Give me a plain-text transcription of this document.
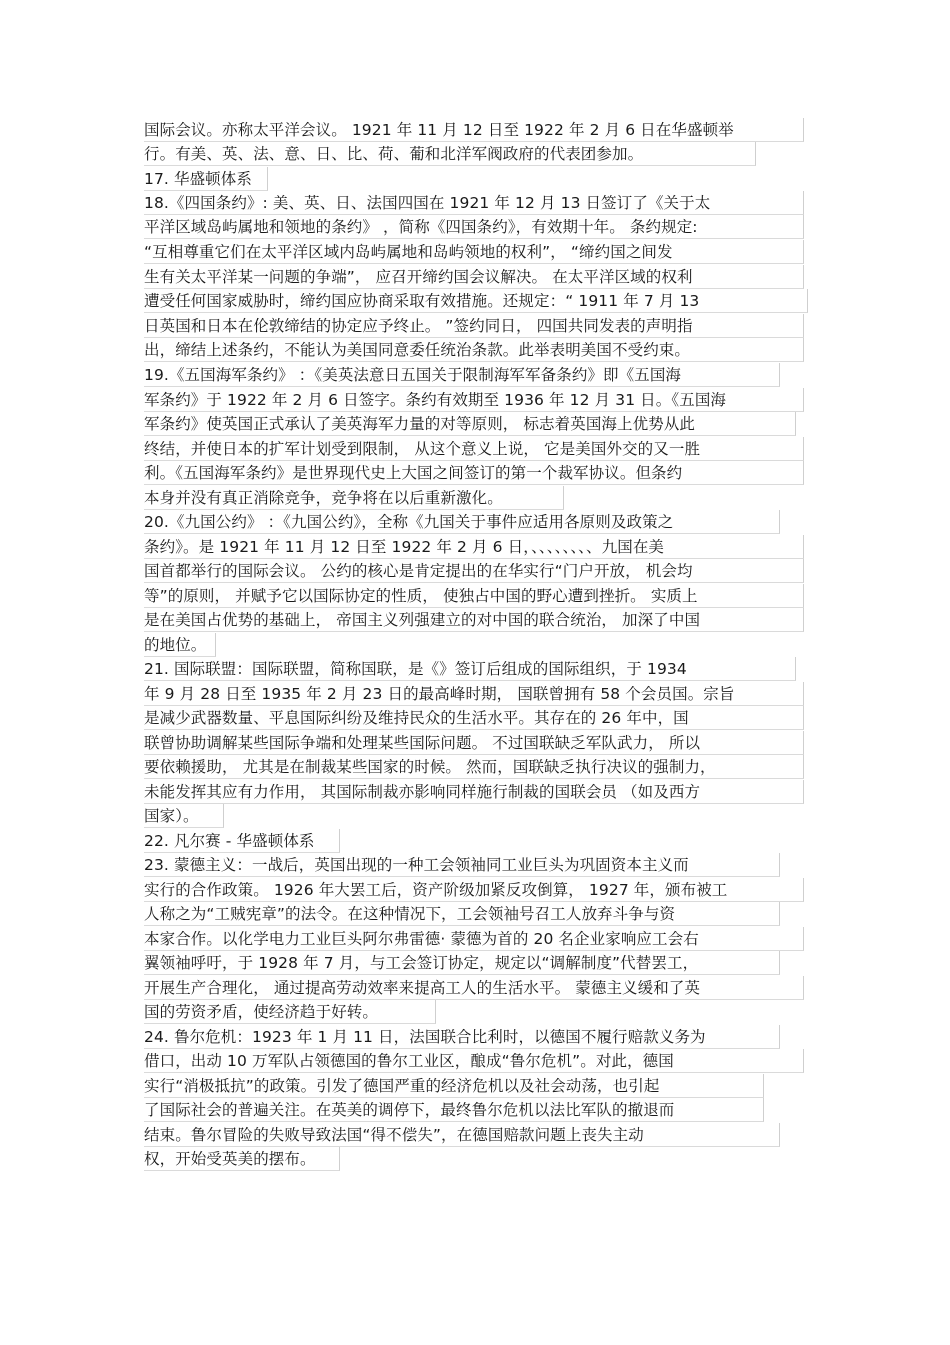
国际会议。亦称太平洋会议。 1921 年 11 月 12 日至 1922 年 2 月 6 日在华盛顿举
行。有美、英、法、意、日、比、荷、葡和北洋军阀政府的代表团参加。
17. 华盛顿体系
18.《四国条约》: 美、英、日、法国四国在 1921 年 12 月 13 日签订了《关于太
平洋区域岛屿属地和领地的条约》 ，简称《四国条约》，有效期十年。 条约规定:
“互相尊重它们在太平洋区域内岛屿属地和岛屿领地的权利”， “缔约国之间发
生有关太平洋某一问题的争端”， 应召开缔约国会议解决。 在太平洋区域的权利
遭受任何国家威胁时，缔约国应协商采取有效措施。还规定：“ 1911 年 7 月 13
日英国和日本在伦敦缔结的协定应予终止。 ”签约同日， 四国共同发表的声明指
出，缔结上述条约，不能认为美国同意委任统治条款。此举表明美国不受约束。
19.《五国海军条约》 ：《美英法意日五国关于限制海军军备条约》即《五国海
军条约》于 1922 年 2 月 6 日签字。条约有效期至 1936 年 12 月 31 日。《五国海
军条约》使英国正式承认了美英海军力量的对等原则， 标志着英国海上优势从此
终结，并使日本的扩军计划受到限制， 从这个意义上说， 它是美国外交的又一胜
利。《五国海军条约》是世界现代史上大国之间签订的第一个裁军协议。但条约
本身并没有真正消除竞争，竞争将在以后重新激化。
20.《九国公约》 ：《九国公约》，全称《九国关于事件应适用各原则及政策之
条约》。是 1921 年 11 月 12 日至 1922 年 2 月 6 日，、、、、、、、、九国在美
国首都举行的国际会议。 公约的核心是肯定提出的在华实行“门户开放， 机会均
等”的原则， 并赋予它以国际协定的性质， 使独占中国的野心遭到挫折。 实质上
是在美国占优势的基础上， 帝国主义列强建立的对中国的联合统治， 加深了中国
的地位。
21. 国际联盟：国际联盟，简称国联，是《》签订后组成的国际组织，于 1934
年 9 月 28 日至 1935 年 2 月 23 日的最高峰时期， 国联曾拥有 58 个会员国。宗旨
是减少武器数量、平息国际纠纷及维持民众的生活水平。其存在的 26 年中，国
联曾协助调解某些国际争端和处理某些国际问题。 不过国联缺乏军队武力， 所以
要依赖援助， 尤其是在制裁某些国家的时候。 然而，国联缺乏执行决议的强制力，
未能发挥其应有力作用， 其国际制裁亦影响同样施行制裁的国联会员 （如及西方
国家）。
22. 凡尔赛 - 华盛顿体系
23. 蒙德主义：一战后，英国出现的一种工会领袖同工业巨头为巩固资本主义而
实行的合作政策。 1926 年大罢工后，资产阶级加紧反攻倒算， 1927 年，颁布被工
人称之为“工贼宪章”的法令。在这种情况下，工会领袖号召工人放弃斗争与资
本家合作。以化学电力工业巨头阿尔弗雷德· 蒙德为首的 20 名企业家响应工会右
翼领袖呼吁，于 1928 年 7 月，与工会签订协定，规定以“调解制度”代替罢工，
开展生产合理化， 通过提高劳动效率来提高工人的生活水平。 蒙德主义缓和了英
国的劳资矛盾，使经济趋于好转。
24. 鲁尔危机：1923 年 1 月 11 日，法国联合比利时，以德国不履行赔款义务为
借口，出动 10 万军队占领德国的鲁尔工业区，酿成“鲁尔危机”。对此，德国
实行“消极抵抗”的政策。引发了德国严重的经济危机以及社会动荡，也引起
了国际社会的普遍关注。在英美的调停下，最终鲁尔危机以法比军队的撤退而
结束。鲁尔冒险的失败导致法国“得不偿失”，在德国赔款问题上丧失主动
权，开始受英美的摆布。
